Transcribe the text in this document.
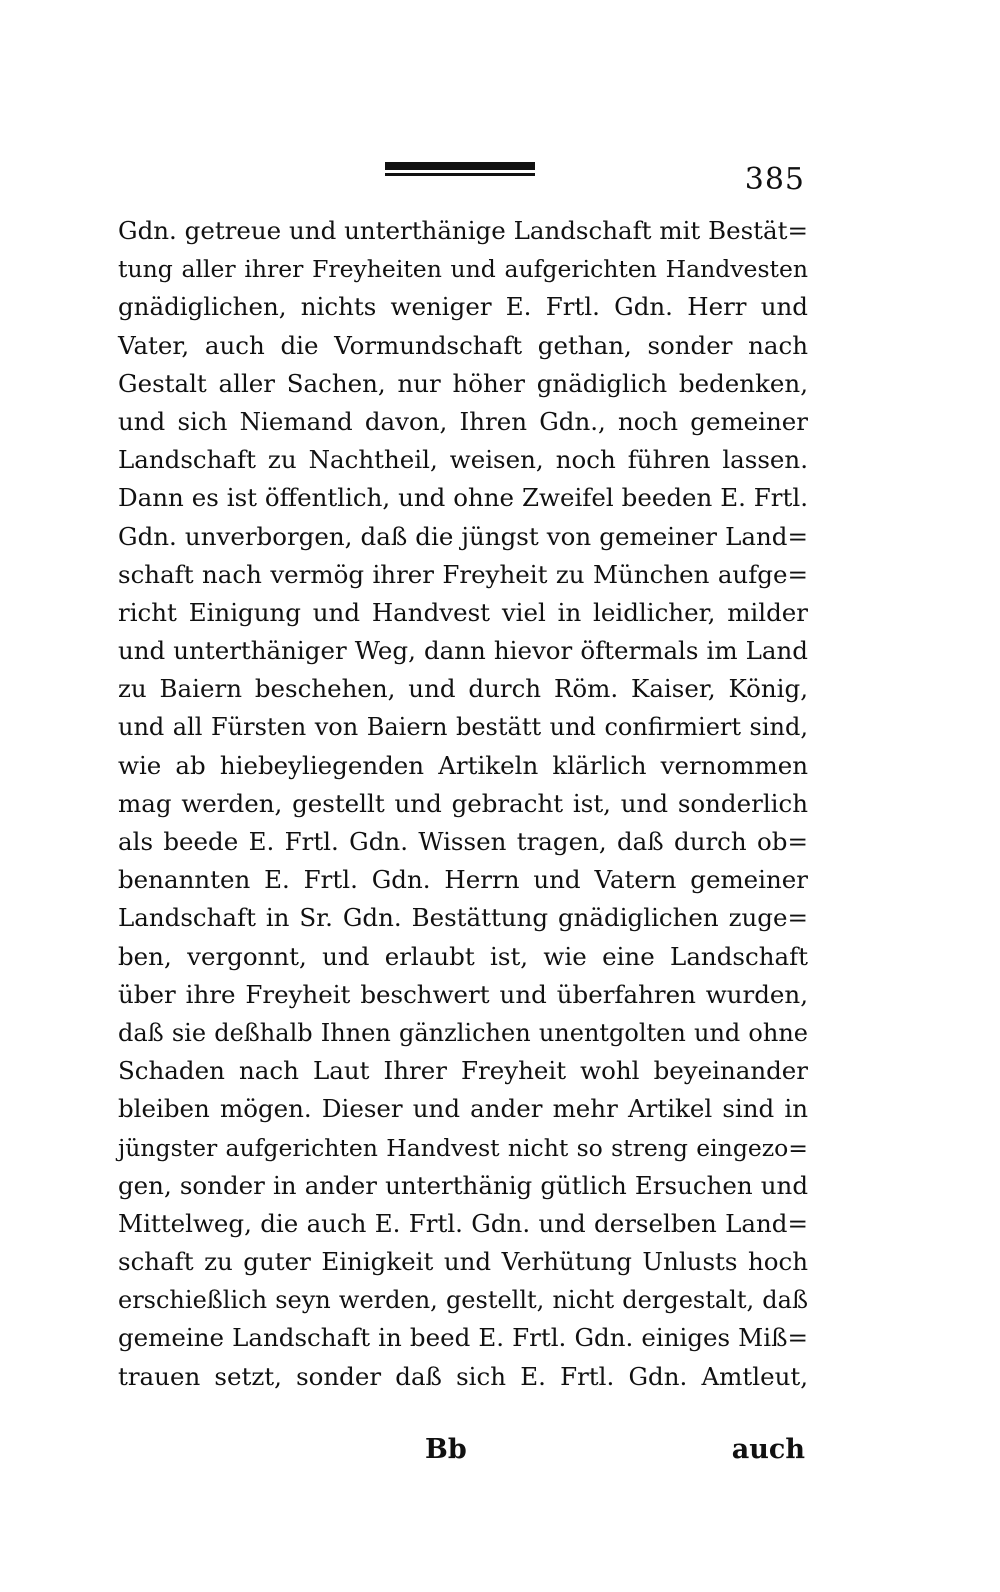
385
Gdn. getreue und unterthänige Landschaft mit Bestät=
tung aller ihrer Freyheiten und aufgerichten Handvesten
gnädiglichen, nichts weniger E. Frtl. Gdn. Herr und
Vater, auch die Vormundschaft gethan, sonder nach
Gestalt aller Sachen, nur höher gnädiglich bedenken,
und sich Niemand davon, Ihren Gdn., noch gemeiner
Landschaft zu Nachtheil, weisen, noch führen lassen.
Dann es ist öffentlich, und ohne Zweifel beeden E. Frtl.
Gdn. unverborgen, daß die jüngst von gemeiner Land=
schaft nach vermög ihrer Freyheit zu München aufge=
richt Einigung und Handvest viel in leidlicher, milder
und unterthäniger Weg, dann hievor öftermals im Land
zu Baiern beschehen, und durch Röm. Kaiser, König,
und all Fürsten von Baiern bestätt und confirmiert sind,
wie ab hiebeyliegenden Artikeln klärlich vernommen
mag werden, gestellt und gebracht ist, und sonderlich
als beede E. Frtl. Gdn. Wissen tragen, daß durch ob=
benannten E. Frtl. Gdn. Herrn und Vatern gemeiner
Landschaft in Sr. Gdn. Bestättung gnädiglichen zuge=
ben, vergonnt, und erlaubt ist, wie eine Landschaft
über ihre Freyheit beschwert und überfahren wurden,
daß sie deßhalb Ihnen gänzlichen unentgolten und ohne
Schaden nach Laut Ihrer Freyheit wohl beyeinander
bleiben mögen. Dieser und ander mehr Artikel sind in
jüngster aufgerichten Handvest nicht so streng eingezo=
gen, sonder in ander unterthänig gütlich Ersuchen und
Mittelweg, die auch E. Frtl. Gdn. und derselben Land=
schaft zu guter Einigkeit und Verhütung Unlusts hoch
erschießlich seyn werden, gestellt, nicht dergestalt, daß
gemeine Landschaft in beed E. Frtl. Gdn. einiges Miß=
trauen setzt, sonder daß sich E. Frtl. Gdn. Amtleut,
Bb	auch
